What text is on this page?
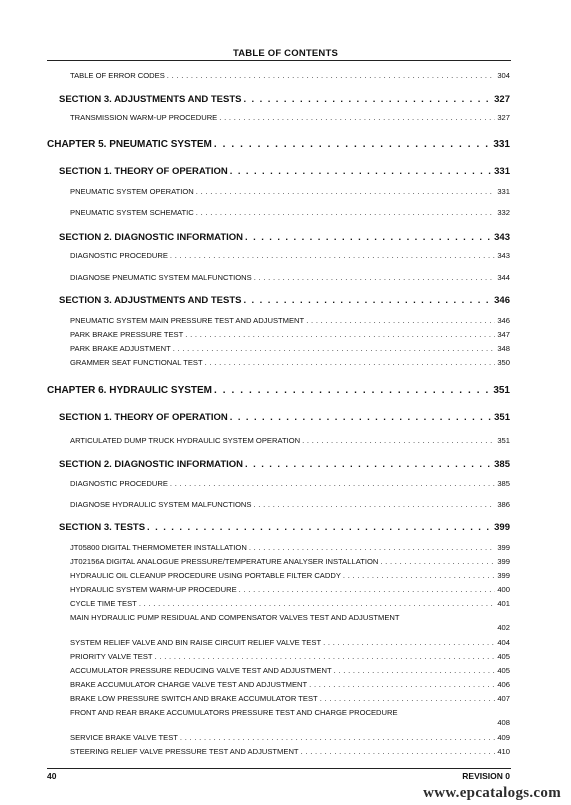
TABLE OF CONTENTS
TABLE OF ERROR CODES . . .	304
SECTION 3. ADJUSTMENTS AND TESTS . . .	327
TRANSMISSION WARM-UP PROCEDURE . . .	327
CHAPTER 5. PNEUMATIC SYSTEM . . .	331
SECTION 1. THEORY OF OPERATION . . .	331
PNEUMATIC SYSTEM OPERATION . . .	331
PNEUMATIC SYSTEM SCHEMATIC . . .	332
SECTION 2. DIAGNOSTIC INFORMATION . . .	343
DIAGNOSTIC PROCEDURE . . .	343
DIAGNOSE PNEUMATIC SYSTEM MALFUNCTIONS . . .	344
SECTION 3. ADJUSTMENTS AND TESTS . . .	346
PNEUMATIC SYSTEM MAIN PRESSURE TEST AND ADJUSTMENT . . .	346
PARK BRAKE PRESSURE TEST . . .	347
PARK BRAKE ADJUSTMENT . . .	348
GRAMMER SEAT FUNCTIONAL TEST . . .	350
CHAPTER 6. HYDRAULIC SYSTEM . . .	351
SECTION 1. THEORY OF OPERATION . . .	351
ARTICULATED DUMP TRUCK HYDRAULIC SYSTEM OPERATION . . .	351
SECTION 2. DIAGNOSTIC INFORMATION . . .	385
DIAGNOSTIC PROCEDURE . . .	385
DIAGNOSE HYDRAULIC SYSTEM MALFUNCTIONS . . .	386
SECTION 3. TESTS . . .	399
JT05800 DIGITAL THERMOMETER INSTALLATION . . .	399
JT02156A DIGITAL ANALOGUE PRESSURE/TEMPERATURE ANALYSER INSTALLATION . . .	399
HYDRAULIC OIL CLEANUP PROCEDURE USING PORTABLE FILTER CADDY . . .	399
HYDRAULIC SYSTEM WARM-UP PROCEDURE . . .	400
CYCLE TIME TEST . . .	401
MAIN HYDRAULIC PUMP RESIDUAL AND COMPENSATOR VALVES TEST AND ADJUSTMENT
402
SYSTEM RELIEF VALVE AND BIN RAISE CIRCUIT RELIEF VALVE TEST . . .	404
PRIORITY VALVE TEST . . .	405
ACCUMULATOR PRESSURE REDUCING VALVE TEST AND ADJUSTMENT . . .	405
BRAKE ACCUMULATOR CHARGE VALVE TEST AND ADJUSTMENT . . .	406
BRAKE LOW PRESSURE SWITCH AND BRAKE ACCUMULATOR TEST . . .	407
FRONT AND REAR BRAKE ACCUMULATORS PRESSURE TEST AND CHARGE PROCEDURE
408
SERVICE BRAKE VALVE TEST . . .	409
STEERING RELIEF VALVE PRESSURE TEST AND ADJUSTMENT . . .	410
40	REVISION 0
www.epcatalogs.com
